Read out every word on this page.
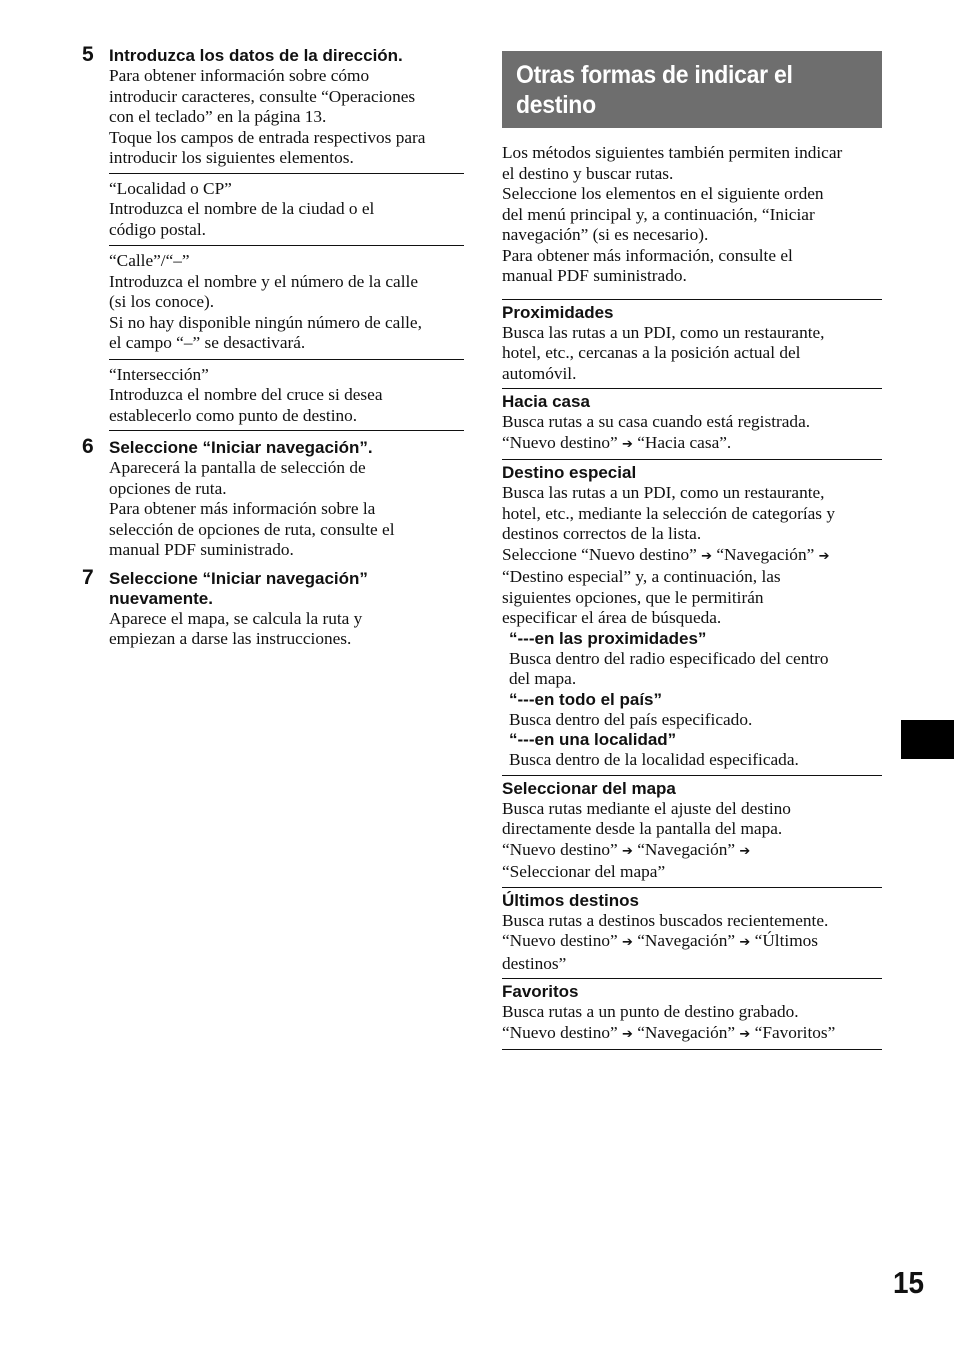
5 Introduzca los datos de la dirección.
Para obtener información sobre cómo
introducir caracteres, consulte “Operaciones
con el teclado” en la página 13.
Toque los campos de entrada respectivos para
introducir los siguientes elementos.
“Localidad o CP”
Introduzca el nombre de la ciudad o el
código postal.
“Calle”/“–”
Introduzca el nombre y el número de la calle
(si los conoce).
Si no hay disponible ningún número de calle,
el campo “–” se desactivará.
“Intersección”
Introduzca el nombre del cruce si desea
establecerlo como punto de destino.
6 Seleccione “Iniciar navegación”.
Aparecerá la pantalla de selección de
opciones de ruta.
Para obtener más información sobre la
selección de opciones de ruta, consulte el
manual PDF suministrado.
7 Seleccione “Iniciar navegación”
nuevamente.
Aparece el mapa, se calcula la ruta y
empiezan a darse las instrucciones.
Otras formas de indicar el
destino
Los métodos siguientes también permiten indicar
el destino y buscar rutas.
Seleccione los elementos en el siguiente orden
del menú principal y, a continuación, “Iniciar
navegación” (si es necesario).
Para obtener más información, consulte el
manual PDF suministrado.
Proximidades
Busca las rutas a un PDI, como un restaurante,
hotel, etc., cercanas a la posición actual del
automóvil.
Hacia casa
Busca rutas a su casa cuando está registrada.
“Nuevo destino” ➔ “Hacia casa”.
Destino especial
Busca las rutas a un PDI, como un restaurante,
hotel, etc., mediante la selección de categorías y
destinos correctos de la lista.
Seleccione “Nuevo destino” ➔ “Navegación” ➔
“Destino especial” y, a continuación, las
siguientes opciones, que le permitirán
especificar el área de búsqueda.
“---en las proximidades”
Busca dentro del radio especificado del centro
del mapa.
“---en todo el país”
Busca dentro del país especificado.
“---en una localidad”
Busca dentro de la localidad especificada.
Seleccionar del mapa
Busca rutas mediante el ajuste del destino
directamente desde la pantalla del mapa.
“Nuevo destino” ➔ “Navegación” ➔
“Seleccionar del mapa”
Últimos destinos
Busca rutas a destinos buscados recientemente.
“Nuevo destino” ➔ “Navegación” ➔ “Últimos
destinos”
Favoritos
Busca rutas a un punto de destino grabado.
“Nuevo destino” ➔ “Navegación” ➔ “Favoritos”
15
